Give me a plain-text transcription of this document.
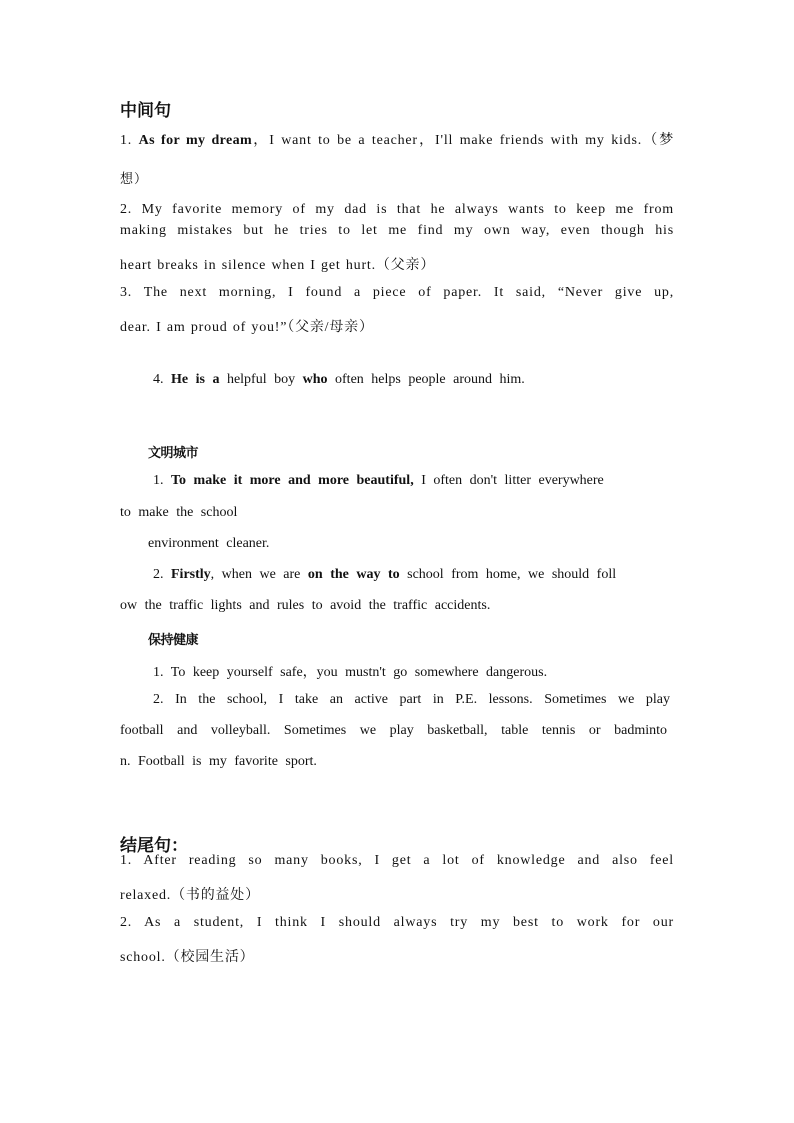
中间句
1. As for my dream，I want to be a teacher，I'll make friends with my kids.（梦
想）
2. My favorite memory of my dad is that he always wants to keep me from
making mistakes but he tries to let me find my own way, even though his
heart breaks in silence when I get hurt.（父亲）
3. The next morning, I found a piece of paper. It said, “Never give up,
dear. I am proud of you!”（父亲/母亲）
4. He is a helpful boy who often helps people around him.
文明城市
1. To make it more and more beautiful, I often don't litter everywhere
to make the school
environment cleaner.
2. Firstly, when we are on the way to school from home, we should foll
ow the traffic lights and rules to avoid the traffic accidents.
保持健康
1. To keep yourself safe，you mustn't go somewhere dangerous.
2. In the school, I take an active part in P.E. lessons. Sometimes we play
football and volleyball. Sometimes we play basketball, table tennis or badminto
n. Football is my favorite sport.
结尾句：
1. After reading so many books, I get a lot of knowledge and also feel
relaxed.（书的益处）
2. As a student, I think I should always try my best to work for our
school.（校园生活）
